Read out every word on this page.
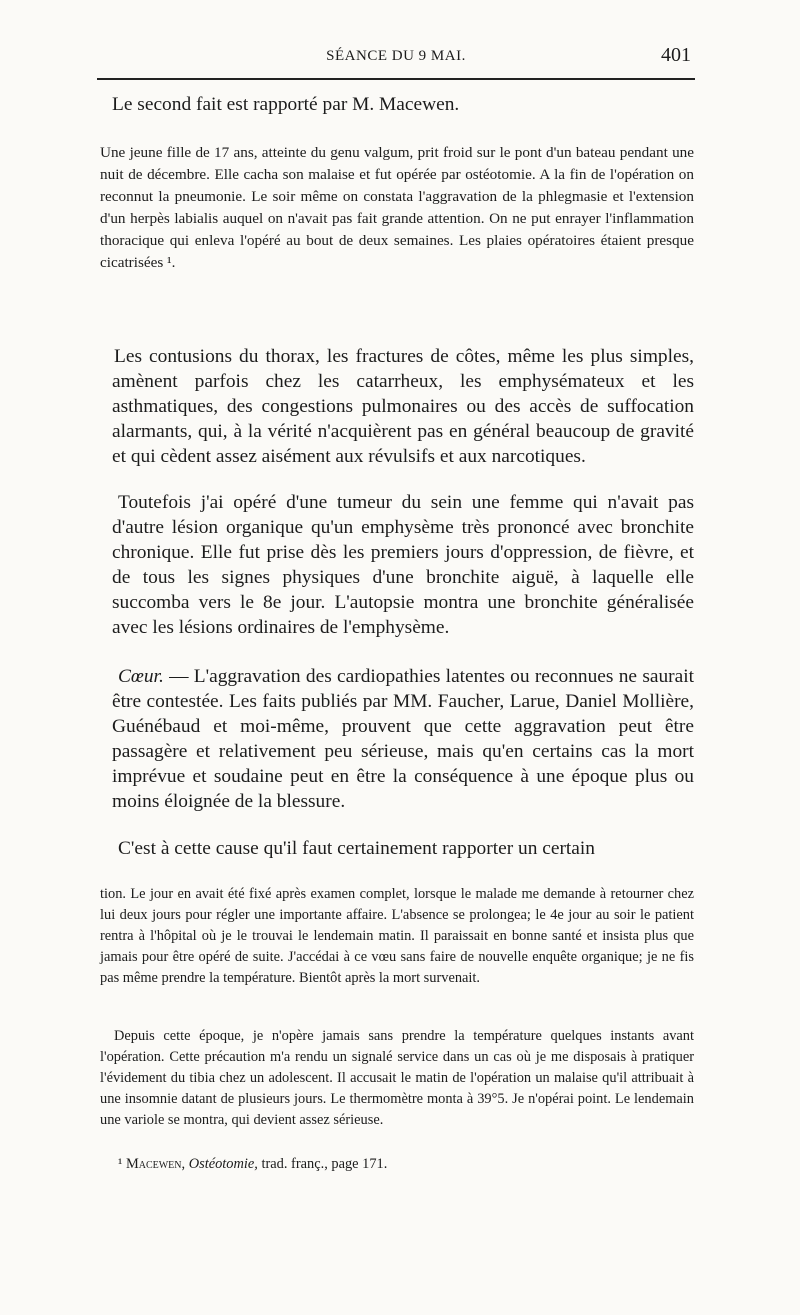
SÉANCE DU 9 MAI.	401

Le second fait est rapporté par M. Macewen.

Une jeune fille de 17 ans, atteinte du genu valgum, prit froid sur le pont d'un bateau pendant une nuit de décembre. Elle cacha son malaise et fut opérée par ostéotomie. A la fin de l'opération on reconnut la pneumonie. Le soir même on constata l'aggravation de la phlegmasie et l'extension d'un herpès labialis auquel on n'avait pas fait grande attention. On ne put enrayer l'inflammation thoracique qui enleva l'opéré au bout de deux semaines. Les plaies opératoires étaient presque cicatrisées ¹.

Les contusions du thorax, les fractures de côtes, même les plus simples, amènent parfois chez les catarrheux, les emphysémateux et les asthmatiques, des congestions pulmonaires ou des accès de suffocation alarmants, qui, à la vérité n'acquièrent pas en général beaucoup de gravité et qui cèdent assez aisément aux révulsifs et aux narcotiques.

Toutefois j'ai opéré d'une tumeur du sein une femme qui n'avait pas d'autre lésion organique qu'un emphysème très prononcé avec bronchite chronique. Elle fut prise dès les premiers jours d'oppression, de fièvre, et de tous les signes physiques d'une bronchite aiguë, à laquelle elle succomba vers le 8e jour. L'autopsie montra une bronchite généralisée avec les lésions ordinaires de l'emphysème.

Cœur. — L'aggravation des cardiopathies latentes ou reconnues ne saurait être contestée. Les faits publiés par MM. Faucher, Larue, Daniel Mollière, Guénébaud et moi-même, prouvent que cette aggravation peut être passagère et relativement peu sérieuse, mais qu'en certains cas la mort imprévue et soudaine peut en être la conséquence à une époque plus ou moins éloignée de la blessure.

C'est à cette cause qu'il faut certainement rapporter un certain

tion. Le jour en avait été fixé après examen complet, lorsque le malade me demande à retourner chez lui deux jours pour régler une importante affaire. L'absence se prolongea; le 4e jour au soir le patient rentra à l'hôpital où je le trouvai le lendemain matin. Il paraissait en bonne santé et insista plus que jamais pour être opéré de suite. J'accédai à ce vœu sans faire de nouvelle enquête organique; je ne fis pas même prendre la température. Bientôt après la mort survenait.

Depuis cette époque, je n'opère jamais sans prendre la température quelques instants avant l'opération. Cette précaution m'a rendu un signalé service dans un cas où je me disposais à pratiquer l'évidement du tibia chez un adolescent. Il accusait le matin de l'opération un malaise qu'il attribuait à une insomnie datant de plusieurs jours. Le thermomètre monta à 39°5. Je n'opérai point. Le lendemain une variole se montra, qui devient assez sérieuse.

¹ Macewen, Ostéotomie, trad. franç., page 171.
